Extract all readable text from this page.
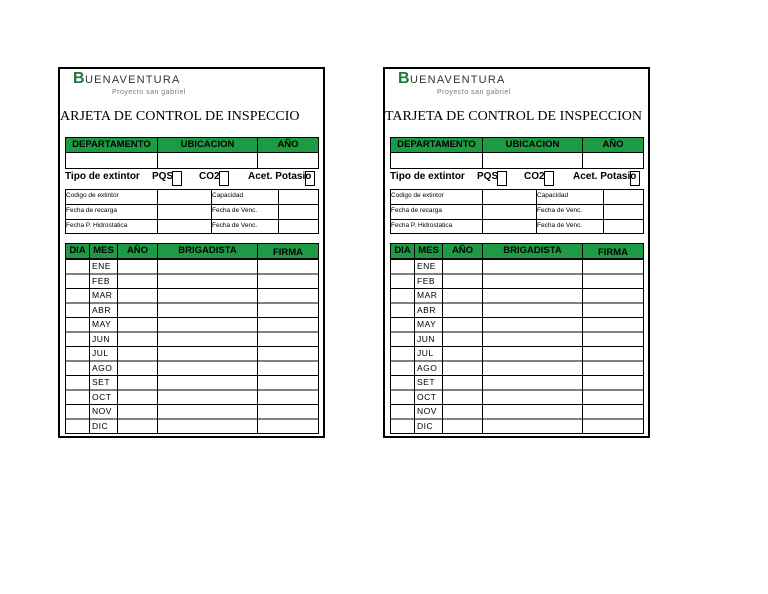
B UENAVENTURA
Proyecto san gabriel
ARJETA DE CONTROL DE INSPECCIO
DEPARTAMENTO	UBICACION	AÑO
Tipo de extintor PQS	CO2	Acet. Potasio
Codigo de extintor	Capacidad
Fecha de recarga	Fecha de Venc.
Fecha P. Hidrostatica	Fecha de Venc.
DIA MES	AÑO	BRIGADISTA	FIRMA
ENE
FEB
MAR
ABR
MAY
JUN
JUL
AGO
SET
OCT
NOV
DIC
B UENAVENTURA
Proyecto san gabriel
TARJETA DE CONTROL DE INSPECCION
DEPARTAMENTO	UBICACION	AÑO
Tipo de extintor PQS	CO2	Acet. Potasio
Codigo de extintor	Capacidad
Fecha de recarga	Fecha de Venc.
Fecha P. Hidrostatica	Fecha de Venc.
DIA MES	AÑO	BRIGADISTA	FIRMA
ENE
FEB
MAR
ABR
MAY
JUN
JUL
AGO
SET
OCT
NOV
DIC
